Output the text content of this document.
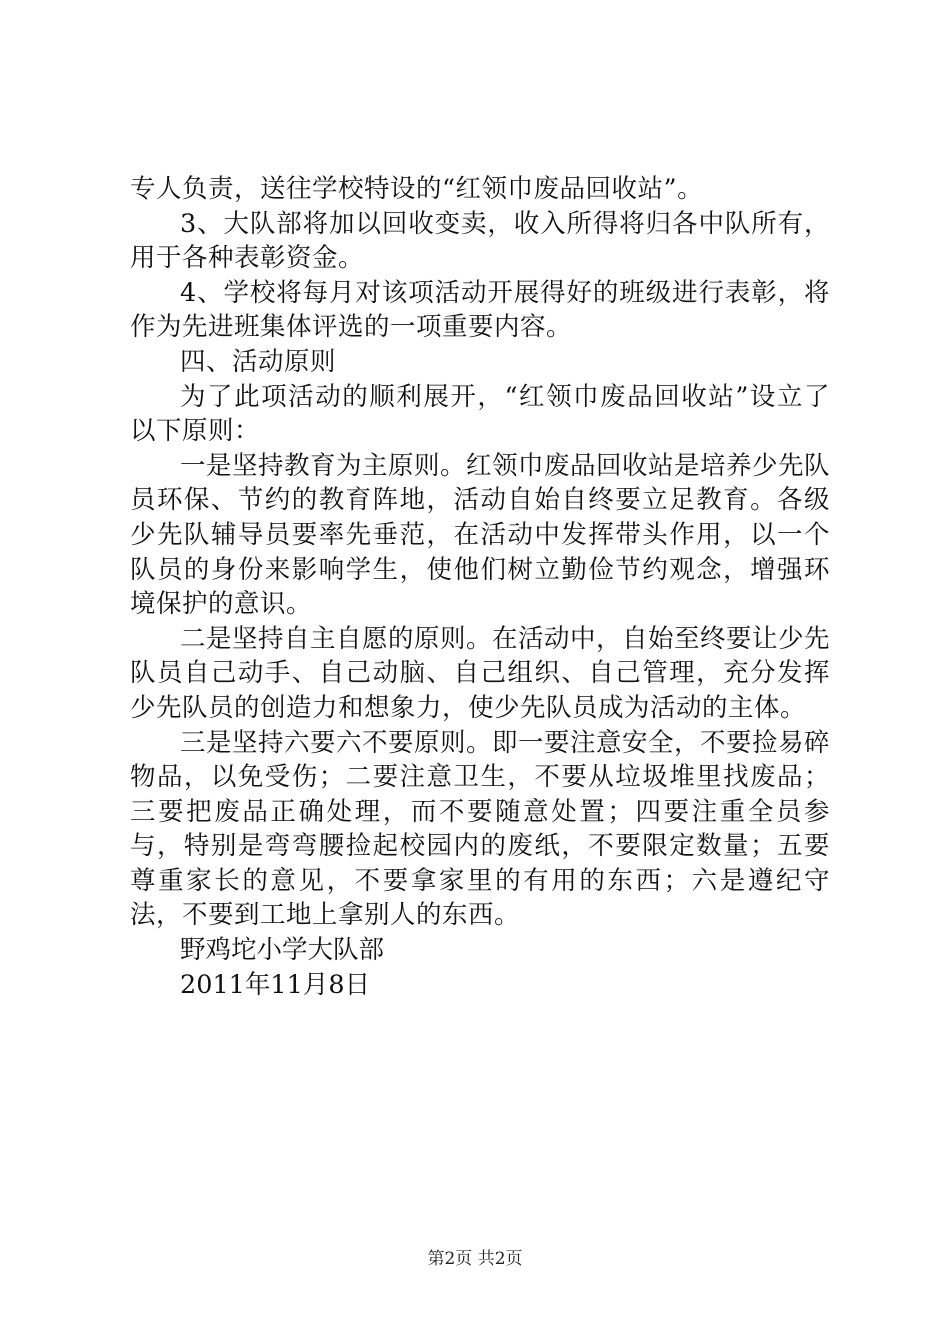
专人负责，送往学校特设的“红领巾废品回收站”。

3、大队部将加以回收变卖，收入所得将归各中队所有，用于各种表彰资金。

4、学校将每月对该项活动开展得好的班级进行表彰，将作为先进班集体评选的一项重要内容。

四、活动原则

为了此项活动的顺利展开，“红领巾废品回收站”设立了以下原则：

一是坚持教育为主原则。红领巾废品回收站是培养少先队员环保、节约的教育阵地，活动自始自终要立足教育。各级少先队辅导员要率先垂范，在活动中发挥带头作用，以一个队员的身份来影响学生，使他们树立勤俭节约观念，增强环境保护的意识。

二是坚持自主自愿的原则。在活动中，自始至终要让少先队员自己动手、自己动脑、自己组织、自己管理，充分发挥少先队员的创造力和想象力，使少先队员成为活动的主体。

三是坚持六要六不要原则。即一要注意安全，不要捡易碎物品，以免受伤；二要注意卫生，不要从垃圾堆里找废品；三要把废品正确处理，而不要随意处置；四要注重全员参与，特别是弯弯腰捡起校园内的废纸，不要限定数量；五要尊重家长的意见，不要拿家里的有用的东西；六是遵纪守法，不要到工地上拿别人的东西。

野鸡坨小学大队部

2011年11月8日

第2页 共2页
